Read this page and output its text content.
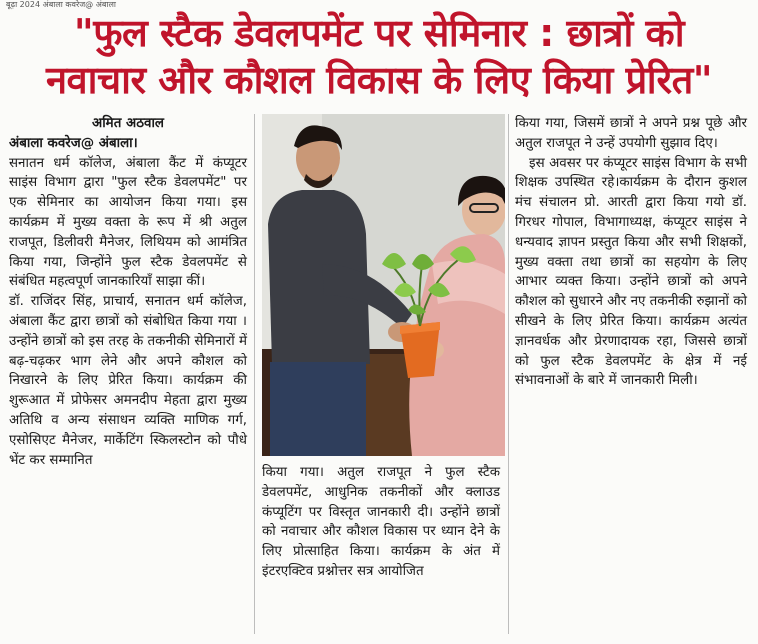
बूढ़ा 2024 अंबाला कवरेज@ अंबाला
"फुल स्टैक डेवलपमेंट पर सेमिनार : छात्रों को
नवाचार और कौशल विकास के लिए किया प्रेरित"

अमित अठवाल

अंबाला कवरेज@ अंबाला।

सनातन धर्म कॉलेज, अंबाला कैंट में कंप्यूटर साइंस विभाग द्वारा "फुल स्टैक डेवलपमेंट" पर एक सेमिनार का आयोजन किया गया। इस कार्यक्रम में मुख्य वक्ता के रूप में श्री अतुल राजपूत, डिलीवरी मैनेजर, लिथियम को आमंत्रित किया गया, जिन्होंने फुल स्टैक डेवलपमेंट से संबंधित महत्वपूर्ण जानकारियाँ साझा कीं।

डॉ. राजिंदर सिंह, प्राचार्य, सनातन धर्म कॉलेज, अंबाला कैंट द्वारा छात्रों को संबोधित किया गया । उन्होंने छात्रों को इस तरह के तकनीकी सेमिनारों में बढ़-चढ़कर भाग लेने और अपने कौशल को निखारने के लिए प्रेरित किया। कार्यक्रम की शुरूआत में प्रोफेसर अमनदीप मेहता द्वारा मुख्य अतिथि व अन्य संसाधन व्यक्ति माणिक गर्ग, एसोसिएट मैनेजर, मार्केटिंग स्किलस्टोन को पौधे भेंट कर सम्मानित

किया गया। अतुल राजपूत ने फुल स्टैक डेवलपमेंट, आधुनिक तकनीकों और क्लाउड कंप्यूटिंग पर विस्तृत जानकारी दी। उन्होंने छात्रों को नवाचार और कौशल विकास पर ध्यान देने के लिए प्रोत्साहित किया। कार्यक्रम के अंत में इंटरएक्टिव प्रश्नोत्तर सत्र आयोजित

किया गया, जिसमें छात्रों ने अपने प्रश्न पूछे और अतुल राजपूत ने उन्हें उपयोगी सुझाव दिए।

इस अवसर पर कंप्यूटर साइंस विभाग के सभी शिक्षक उपस्थित रहे।कार्यक्रम के दौरान कुशल मंच संचालन प्रो. आरती द्वारा किया गयो डॉ. गिरधर गोपाल, विभागाध्यक्ष, कंप्यूटर साइंस ने धन्यवाद ज्ञापन प्रस्तुत किया और सभी शिक्षकों, मुख्य वक्ता तथा छात्रों का सहयोग के लिए आभार व्यक्त किया। उन्होंने छात्रों को अपने कौशल को सुधारने और नए तकनीकी रुझानों को सीखने के लिए प्रेरित किया। कार्यक्रम अत्यंत ज्ञानवर्धक और प्रेरणादायक रहा, जिससे छात्रों को फुल स्टैक डेवलपमेंट के क्षेत्र में नई संभावनाओं के बारे में जानकारी मिली।
